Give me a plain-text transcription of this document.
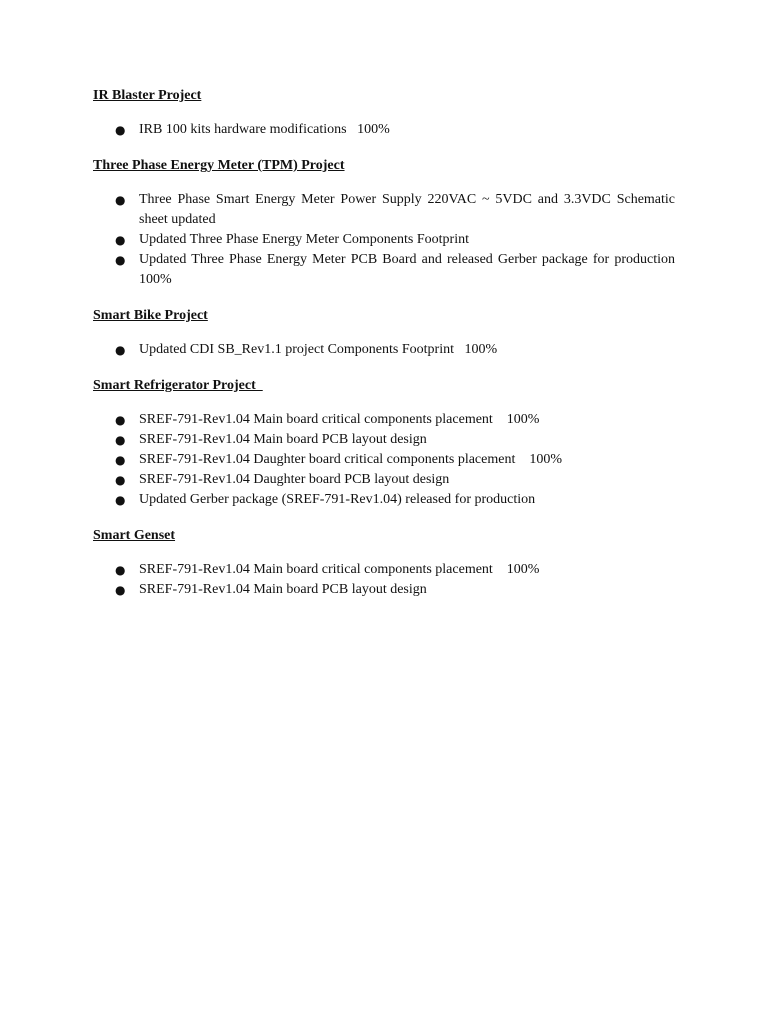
IR Blaster Project

● IRB 100 kits hardware modifications   100%

Three Phase Energy Meter (TPM) Project

● Three Phase Smart Energy Meter Power Supply 220VAC ~ 5VDC and 3.3VDC Schematic sheet updated
● Updated Three Phase Energy Meter Components Footprint
● Updated Three Phase Energy Meter PCB Board and released Gerber package for production   100%

Smart Bike Project

● Updated CDI SB_Rev1.1 project Components Footprint   100%

Smart Refrigerator Project

● SREF-791-Rev1.04 Main board critical components placement    100%
● SREF-791-Rev1.04 Main board PCB layout design
● SREF-791-Rev1.04 Daughter board critical components placement    100%
● SREF-791-Rev1.04 Daughter board PCB layout design
● Updated Gerber package (SREF-791-Rev1.04) released for production

Smart Genset

● SREF-791-Rev1.04 Main board critical components placement    100%
● SREF-791-Rev1.04 Main board PCB layout design
